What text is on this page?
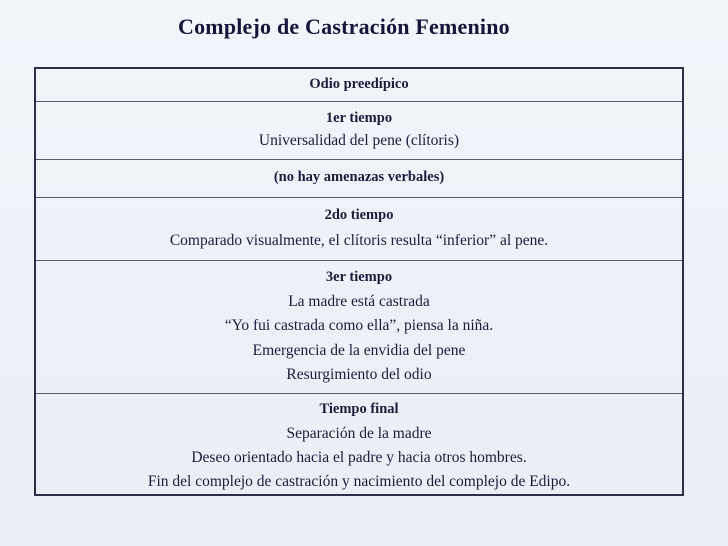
Complejo de Castración Femenino
Odio preedípico
1er tiempo
Universalidad del pene (clítoris)
(no hay amenazas verbales)
2do tiempo
Comparado visualmente, el clítoris resulta “inferior” al pene.
3er tiempo
La madre está castrada
“Yo fui castrada como ella”, piensa la niña.
Emergencia de la envidia del pene
Resurgimiento del odio
Tiempo final
Separación de la madre
Deseo orientado hacia el padre y hacia otros hombres.
Fin del complejo de castración y nacimiento del complejo de Edipo.
